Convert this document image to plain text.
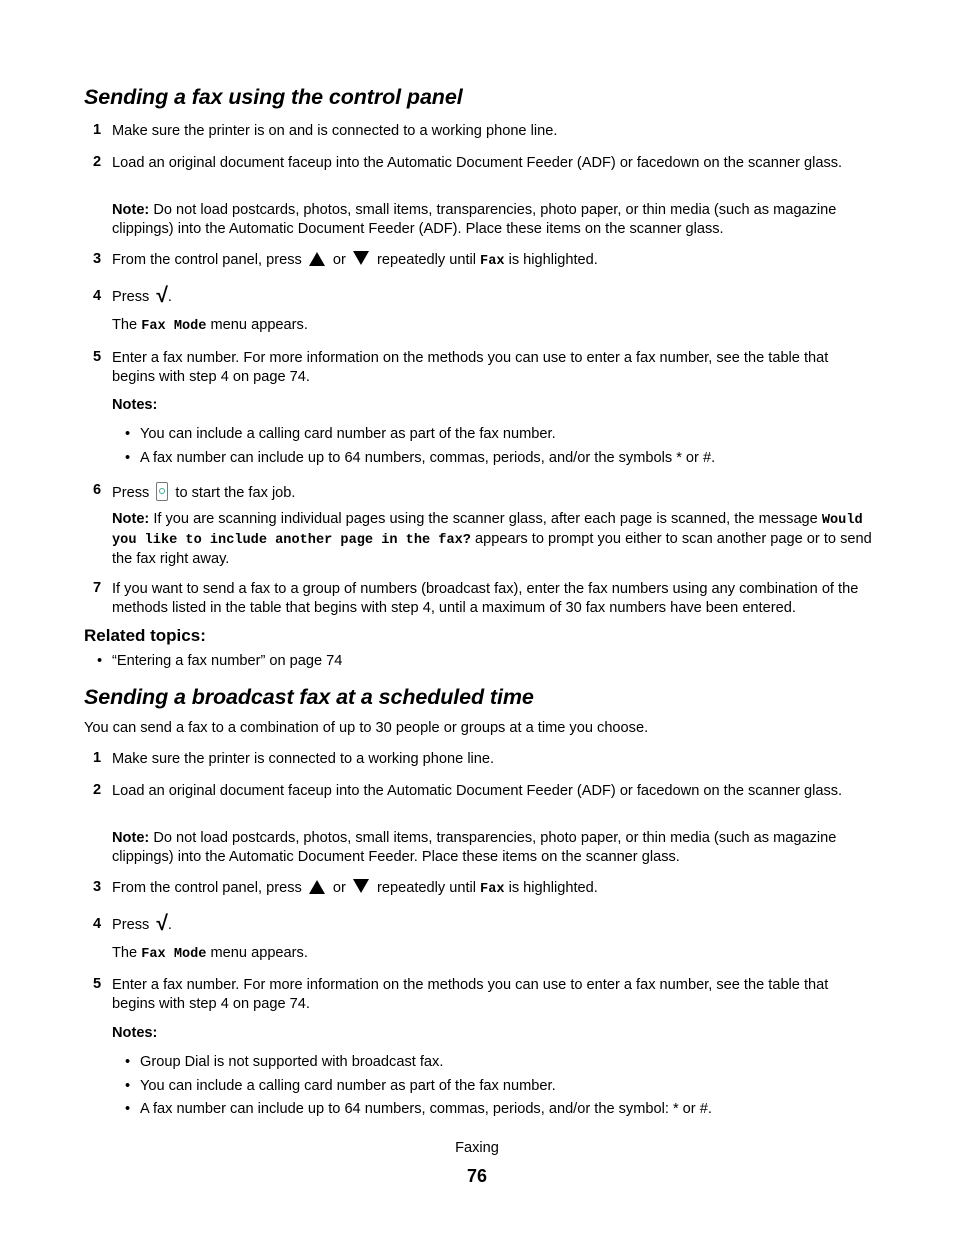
Sending a fax using the control panel
1 Make sure the printer is on and is connected to a working phone line.
2 Load an original document faceup into the Automatic Document Feeder (ADF) or facedown on the scanner glass.
Note: Do not load postcards, photos, small items, transparencies, photo paper, or thin media (such as magazine clippings) into the Automatic Document Feeder (ADF). Place these items on the scanner glass.
3 From the control panel, press  or  repeatedly until Fax is highlighted.
4 Press √.
The Fax Mode menu appears.
5 Enter a fax number. For more information on the methods you can use to enter a fax number, see the table that begins with step 4 on page 74.
Notes:
• You can include a calling card number as part of the fax number.
• A fax number can include up to 64 numbers, commas, periods, and/or the symbols * or #.
6 Press  to start the fax job.
Note: If you are scanning individual pages using the scanner glass, after each page is scanned, the message Would you like to include another page in the fax? appears to prompt you either to scan another page or to send the fax right away.
7 If you want to send a fax to a group of numbers (broadcast fax), enter the fax numbers using any combination of the methods listed in the table that begins with step 4, until a maximum of 30 fax numbers have been entered.
Related topics:
• “Entering a fax number” on page 74
Sending a broadcast fax at a scheduled time
You can send a fax to a combination of up to 30 people or groups at a time you choose.
1 Make sure the printer is connected to a working phone line.
2 Load an original document faceup into the Automatic Document Feeder (ADF) or facedown on the scanner glass.
Note: Do not load postcards, photos, small items, transparencies, photo paper, or thin media (such as magazine clippings) into the Automatic Document Feeder. Place these items on the scanner glass.
3 From the control panel, press  or  repeatedly until Fax is highlighted.
4 Press √.
The Fax Mode menu appears.
5 Enter a fax number. For more information on the methods you can use to enter a fax number, see the table that begins with step 4 on page 74.
Notes:
• Group Dial is not supported with broadcast fax.
• You can include a calling card number as part of the fax number.
• A fax number can include up to 64 numbers, commas, periods, and/or the symbol: * or #.
Faxing
76
